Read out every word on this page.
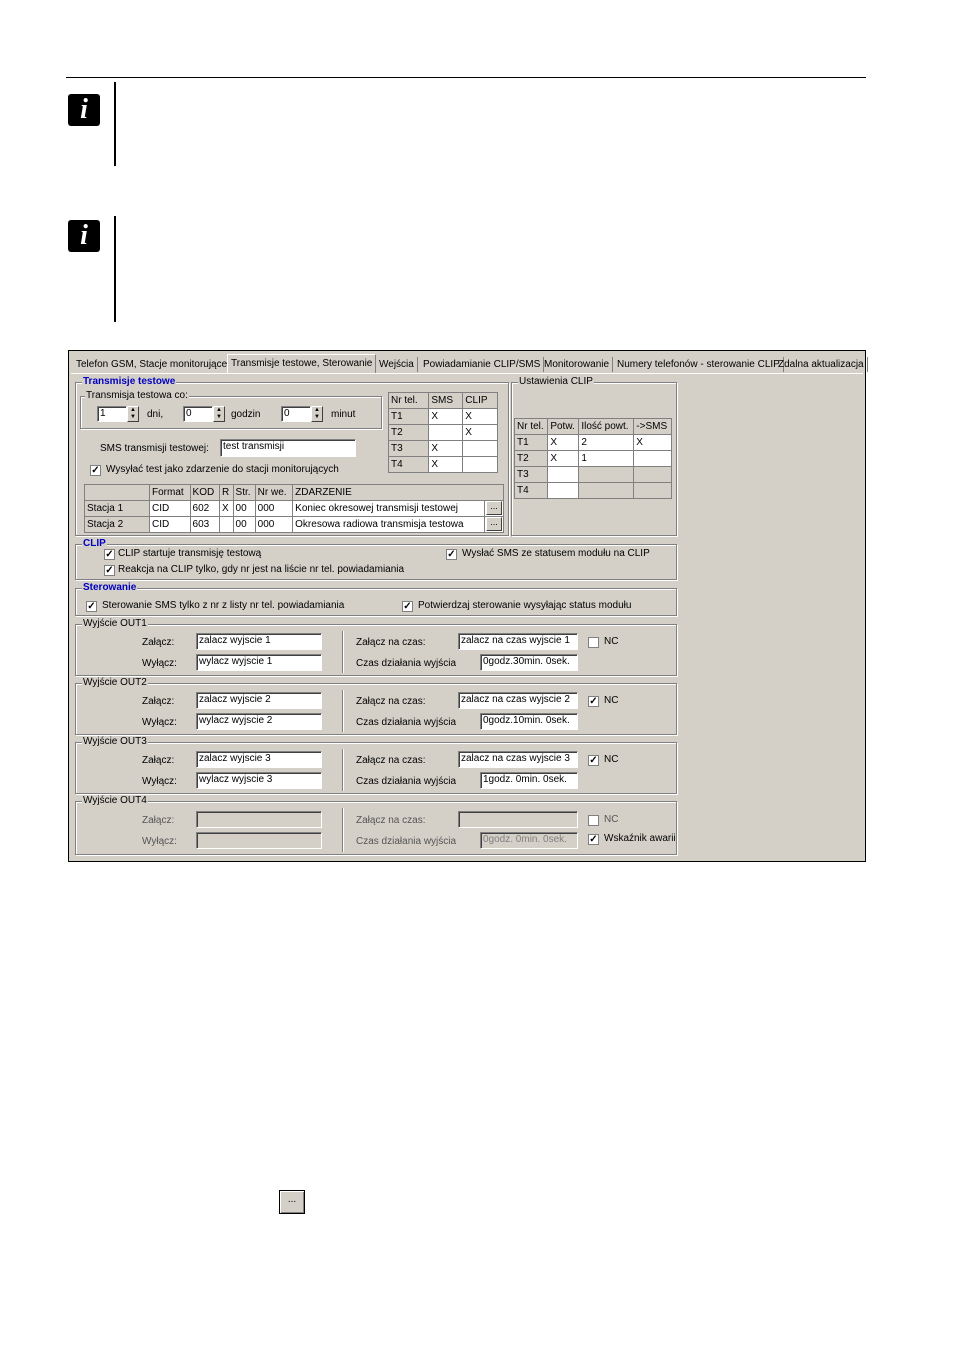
i
i
Telefon GSM, Stacje monitorujące Transmisje testowe, Sterowanie Wejścia Powiadamianie CLIP/SMS Monitorowanie Numery telefonów - sterowanie CLIP
Zdalna aktualizacja
Transmisje testowe
Transmisja testowa co:
1	▲
▼	dni,	0	▲
▼ godzin	0	▲
▼	minut
SMS transmisji testowej:	test transmisji
✓ Wysyłać test jako zdarzenie do stacji monitorujących
Nr tel.	SMS	CLIP
T1	X	X
T2		X
T3	X	
T4	X	
	Format	KOD	R	Str.	Nr we.	ZDARZENIE	
Stacja 1	CID	602	X	00	000	Koniec okresowej transmisji testowej	...
Stacja 2	CID	603		00	000	Okresowa radiowa transmisja testowa	...
Ustawienia CLIP
Nr tel.	Potw.	Ilość powt.	->SMS
T1	X	2	X
T2	X	1	
T3			
T4			
CLIP
✓ CLIP startuje transmisję testową
✓ Reakcja na CLIP tylko, gdy nr jest na liście nr tel. powiadamiania
✓ Wysłać SMS ze statusem modułu na CLIP
Sterowanie
✓ Sterowanie SMS tylko z nr z listy nr tel. powiadamiania	✓ Potwierdzaj sterowanie wysyłając status modułu
Wyjście OUT1
Załącz:	zalacz wyjscie 1
Wyłącz:	wylacz wyjscie 1
Załącz na czas:	zalacz na czas wyjscie 1
Czas działania wyjścia	0godz.30min. 0sek.
NC
Wyjście OUT2
Załącz:	zalacz wyjscie 2
Wyłącz:	wylacz wyjscie 2
Załącz na czas:	zalacz na czas wyjscie 2
Czas działania wyjścia	0godz.10min. 0sek.
✓ NC
Wyjście OUT3
Załącz:	zalacz wyjscie 3
Wyłącz:	wylacz wyjscie 3
Załącz na czas:	zalacz na czas wyjscie 3
Czas działania wyjścia	1godz. 0min. 0sek.
✓ NC
Wyjście OUT4
Załącz:
Wyłącz:
Załącz na czas:
Czas działania wyjścia	0godz. 0min. 0sek.
NC
✓ Wskaźnik awarii
...
